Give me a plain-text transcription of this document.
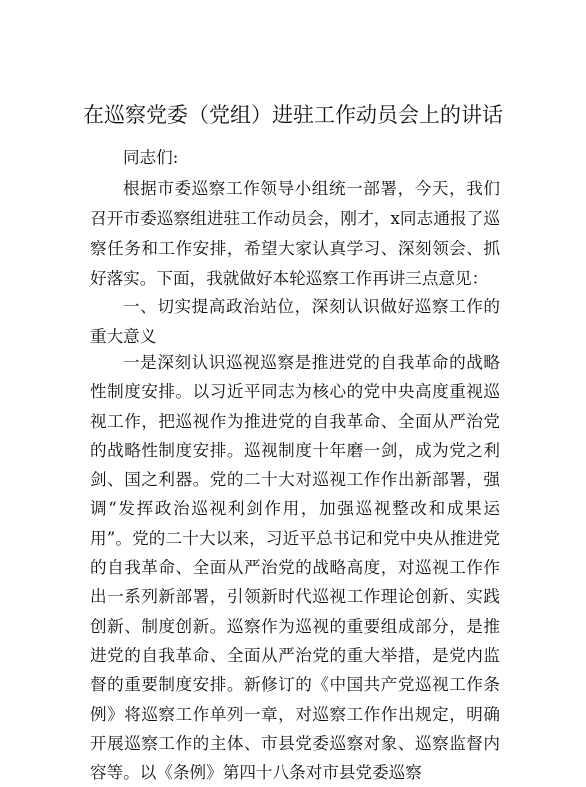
在巡察党委（党组）进驻工作动员会上的讲话

同志们:

根据市委巡察工作领导小组统一部署，今天，我们召开市委巡察组进驻工作动员会，刚才，x同志通报了巡察任务和工作安排，希望大家认真学习、深刻领会、抓好落实。下面，我就做好本轮巡察工作再讲三点意见：

一、切实提高政治站位，深刻认识做好巡察工作的重大意义

一是深刻认识巡视巡察是推进党的自我革命的战略性制度安排。以习近平同志为核心的党中央高度重视巡视工作，把巡视作为推进党的自我革命、全面从严治党的战略性制度安排。巡视制度十年磨一剑，成为党之利剑、国之利器。党的二十大对巡视工作作出新部署，强调“发挥政治巡视利剑作用，加强巡视整改和成果运用”。党的二十大以来，习近平总书记和党中央从推进党的自我革命、全面从严治党的战略高度，对巡视工作作出一系列新部署，引领新时代巡视工作理论创新、实践创新、制度创新。巡察作为巡视的重要组成部分，是推进党的自我革命、全面从严治党的重大举措，是党内监督的重要制度安排。新修订的《中国共产党巡视工作条例》将巡察工作单列一章，对巡察工作作出规定，明确开展巡察工作的主体、市县党委巡察对象、巡察监督内容等。以《条例》第四十八条对市县党委巡察
